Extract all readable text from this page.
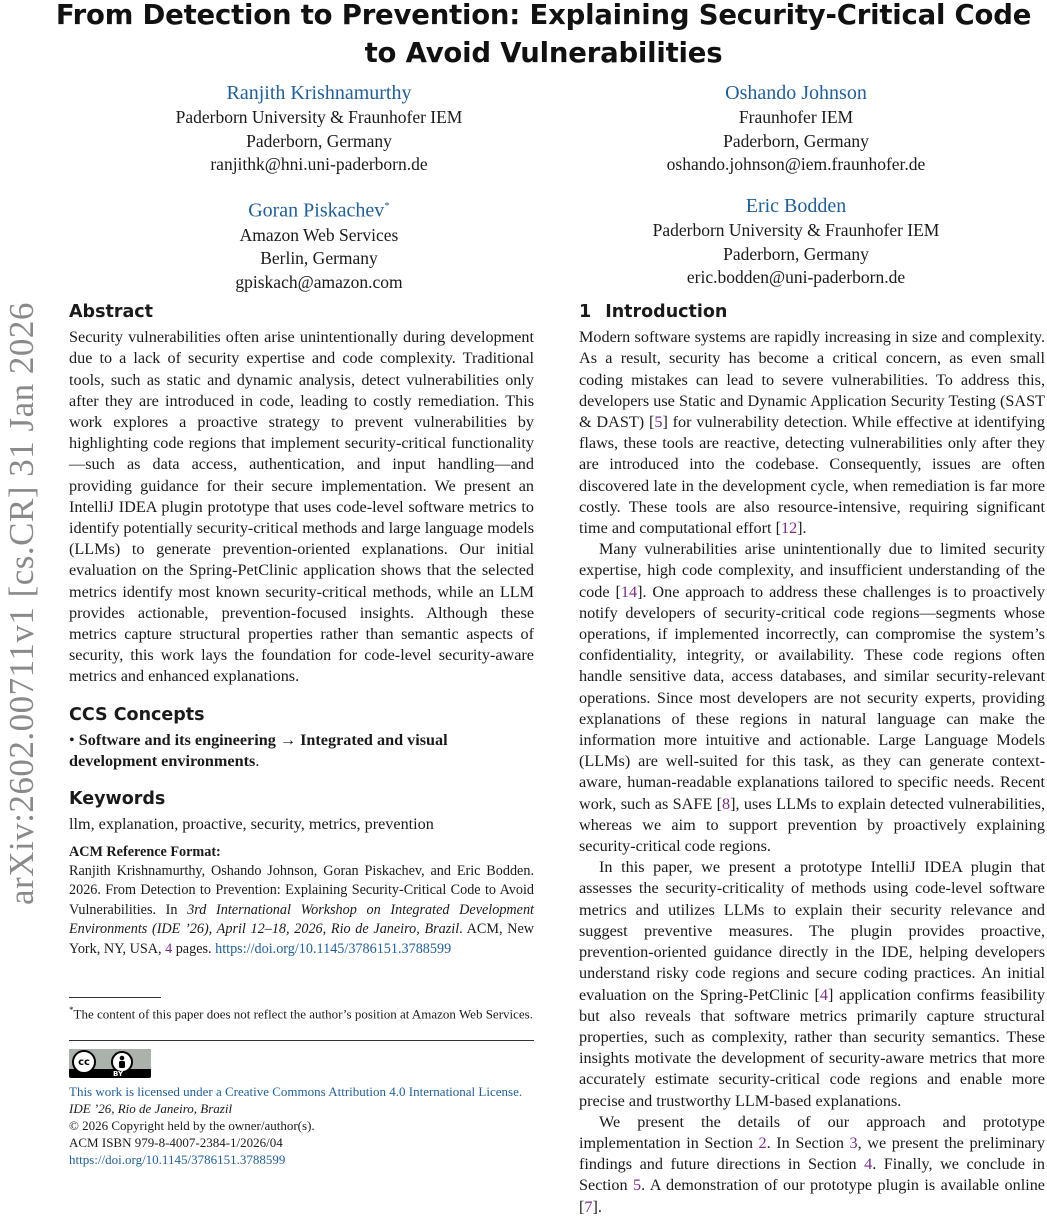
arXiv:2602.00711v1 [cs.CR] 31 Jan 2026
From Detection to Prevention: Explaining Security-Critical Code
to Avoid Vulnerabilities
Ranjith Krishnamurthy
Paderborn University & Fraunhofer IEM
Paderborn, Germany
ranjithk@hni.uni-paderborn.de
Oshando Johnson
Fraunhofer IEM
Paderborn, Germany
oshando.johnson@iem.fraunhofer.de
Goran Piskachev*
Amazon Web Services
Berlin, Germany
gpiskach@amazon.com
Eric Bodden
Paderborn University & Fraunhofer IEM
Paderborn, Germany
eric.bodden@uni-paderborn.de

Abstract

Security vulnerabilities often arise unintentionally during development due to a lack of security expertise and code complexity. Traditional tools, such as static and dynamic analysis, detect vulnerabilities only after they are introduced in code, leading to costly remediation. This work explores a proactive strategy to prevent vulnerabilities by highlighting code regions that implement security-critical functionality—such as data access, authentication, and input handling—and providing guidance for their secure implementation. We present an IntelliJ IDEA plugin prototype that uses code-level software metrics to identify potentially security-critical methods and large language models (LLMs) to generate prevention-oriented explanations. Our initial evaluation on the Spring-PetClinic application shows that the selected metrics identify most known security-critical methods, while an LLM provides actionable, prevention-focused insights. Although these metrics capture structural properties rather than semantic aspects of security, this work lays the foundation for code-level security-aware metrics and enhanced explanations.

CCS Concepts

• Software and its engineering → Integrated and visual development environments.

Keywords

llm, explanation, proactive, security, metrics, prevention

ACM Reference Format:
Ranjith Krishnamurthy, Oshando Johnson, Goran Piskachev, and Eric Bodden. 2026. From Detection to Prevention: Explaining Security-Critical Code to Avoid Vulnerabilities. In 3rd International Workshop on Integrated Development Environments (IDE ’26), April 12–18, 2026, Rio de Janeiro, Brazil. ACM, New York, NY, USA, 4 pages. https://doi.org/10.1145/3786151.3788599
*The content of this paper does not reflect the author’s position at Amazon Web Services.
cc
BY
This work is licensed under a Creative Commons Attribution 4.0 International License.
IDE ’26, Rio de Janeiro, Brazil
© 2026 Copyright held by the owner/author(s).
ACM ISBN 979-8-4007-2384-1/2026/04
https://doi.org/10.1145/3786151.3788599

1 Introduction

Modern software systems are rapidly increasing in size and complexity. As a result, security has become a critical concern, as even small coding mistakes can lead to severe vulnerabilities. To address this, developers use Static and Dynamic Application Security Testing (SAST & DAST) [5] for vulnerability detection. While effective at identifying flaws, these tools are reactive, detecting vulnerabilities only after they are introduced into the codebase. Consequently, issues are often discovered late in the development cycle, when remediation is far more costly. These tools are also resource-intensive, requiring significant time and computational effort [12].

Many vulnerabilities arise unintentionally due to limited security expertise, high code complexity, and insufficient understanding of the code [14]. One approach to address these challenges is to proactively notify developers of security-critical code regions—segments whose operations, if implemented incorrectly, can compromise the system’s confidentiality, integrity, or availability. These code regions often handle sensitive data, access databases, and similar security-relevant operations. Since most developers are not security experts, providing explanations of these regions in natural language can make the information more intuitive and actionable. Large Language Models (LLMs) are well-suited for this task, as they can generate context-aware, human-readable explanations tailored to specific needs. Recent work, such as SAFE [8], uses LLMs to explain detected vulnerabilities, whereas we aim to support prevention by proactively explaining security-critical code regions.

In this paper, we present a prototype IntelliJ IDEA plugin that assesses the security-criticality of methods using code-level software metrics and utilizes LLMs to explain their security relevance and suggest preventive measures. The plugin provides proactive, prevention-oriented guidance directly in the IDE, helping developers understand risky code regions and secure coding practices. An initial evaluation on the Spring-PetClinic [4] application confirms feasibility but also reveals that software metrics primarily capture structural properties, such as complexity, rather than security semantics. These insights motivate the development of security-aware metrics that more accurately estimate security-critical code regions and enable more precise and trustworthy LLM-based explanations.

We present the details of our approach and prototype implementation in Section 2. In Section 3, we present the preliminary findings and future directions in Section 4. Finally, we conclude in Section 5. A demonstration of our prototype plugin is available online [7].
